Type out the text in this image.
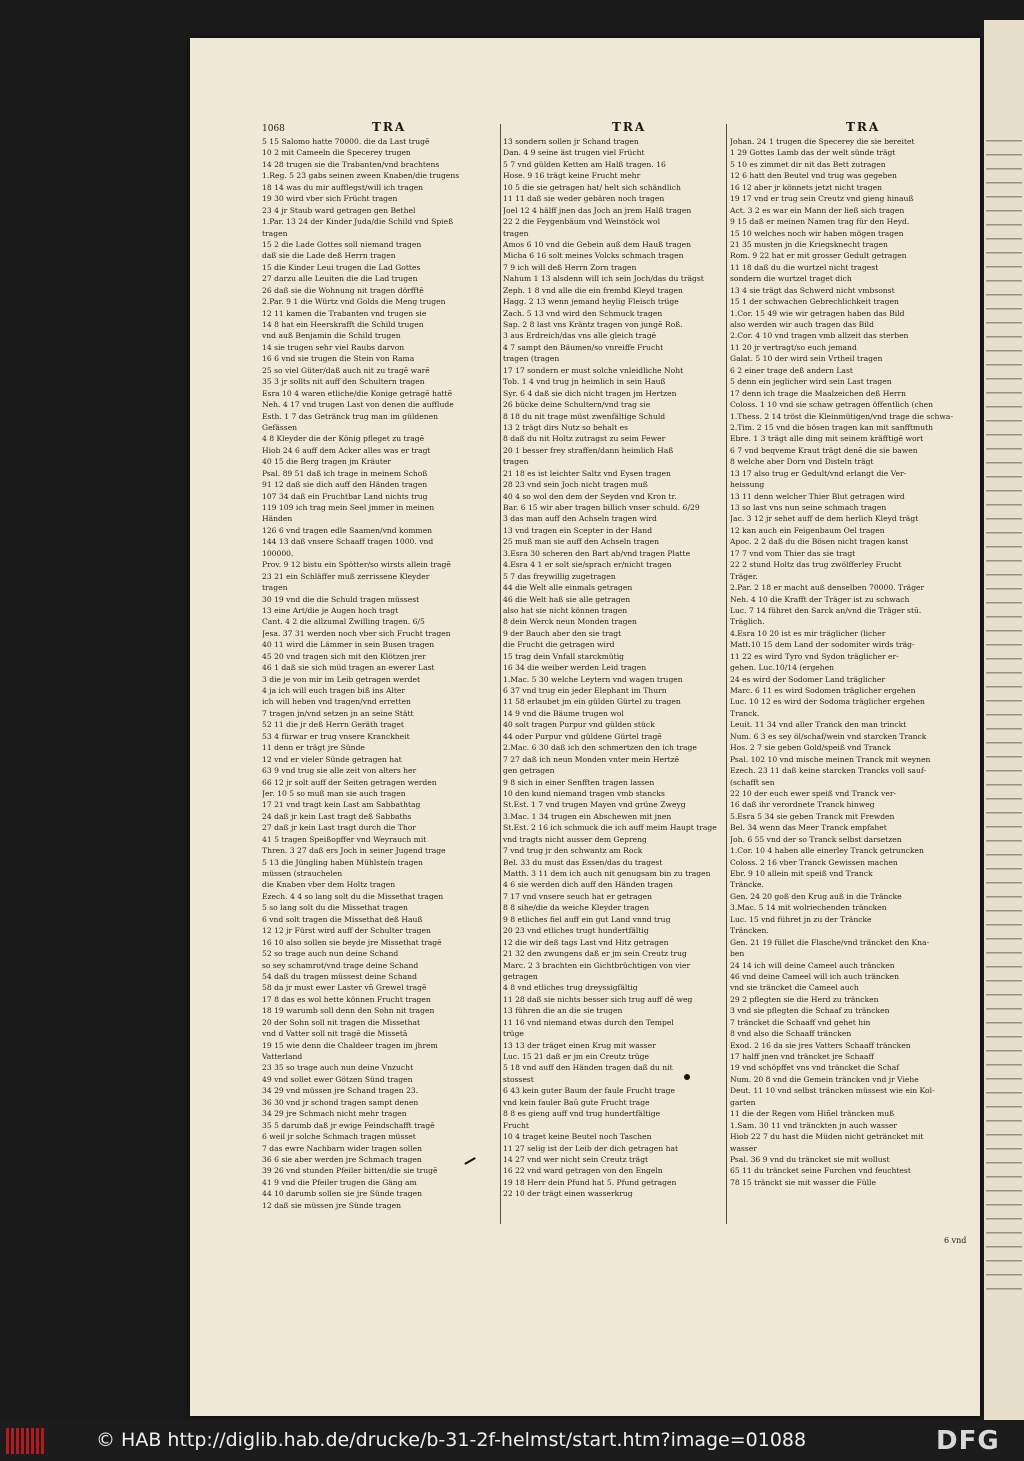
1068	TRA	TRA	TRA
5 15 Salomo hatte 70000. die da Last trugē
10 2 mit Cameeln die Specerey trugen
14 28 trugen sie die Trabanten/vnd brachtens
1.Reg. 5 23 gabs seinen zween Knaben/die trugens
18 14 was du mir aufflegst/will ich tragen
19 30 wird vber sich Frücht tragen
23 4 jr Staub ward getragen gen Bethel
1.Par. 13 24 der Kinder Juda/die Schild vnd Spieß
tragen
15 2 die Lade Gottes soll niemand tragen
daß sie die Lade deß Herrn tragen
15 die Kinder Leui trugen die Lad Gottes
27 darzu alle Leuiten die die Lad trugen
26 daß sie die Wohnung nit tragen dörfftē
2.Par. 9 1 die Würtz vnd Golds die Meng trugen
12 11 kamen die Trabanten vnd trugen sie
14 8 hat ein Heerskrafft die Schild trugen
vnd auß Benjamin die Schild trugen
14 sie trugen sehr viel Raubs darvon
16 6 vnd sie trugen die Stein von Rama
25 so viel Güter/daß auch nit zu tragē warē
35 3 jr sollts nit auff den Schultern tragen
Esra 10 4 waren etliche/die Konige getragē hattē
Neh. 4 17 vnd trugen Last von denen die aufflude
Esth. 1 7 das Getränck trug man im güldenen
Gefässen
4 8 Kleyder die der König pfleget zu tragē
Hiob 24 6 auff dem Acker alles was er tragt
40 15 die Berg tragen jm Kräuter
Psal. 89 51 daß ich trage in meinem Schoß
91 12 daß sie dich auff den Händen tragen
107 34 daß ein Fruchtbar Land nichts trug
119 109 ich trag mein Seel jmmer in meinen
Händen
126 6 vnd tragen edle Saamen/vnd kommen
144 13 daß vnsere Schaaff tragen 1000. vnd
100000.
Prov. 9 12 bistu ein Spötter/so wirsts allein tragē
23 21 ein Schläffer muß zerrissene Kleyder
tragen
30 19 vnd die die Schuld tragen müssest
13 eine Art/die je Augen hoch tragt
Cant. 4 2 die allzumal Zwilling tragen. 6/5
Jesa. 37 31 werden noch vber sich Frucht tragen
40 11 wird die Lämmer in sein Busen tragen
45 20 vnd tragen sich mit den Klötzen jrer
46 1 daß sie sich müd tragen an ewerer Last
3 die je von mir im Leib getragen werdet
4 ja ich will euch tragen biß ins Alter
ich will heben vnd tragen/vnd erretten
7 tragen jn/vnd setzen jn an seine Stätt
52 11 die jr deß Herrn Geräth traget
53 4 fürwar er trug vnsere Kranckheit
11 denn er trägt jre Sünde
12 vnd er vieler Sünde getragen hat
63 9 vnd trug sie alle zeit von alters her
66 12 jr solt auff der Seiten getragen werden
Jer. 10 5 so muß man sie auch tragen
17 21 vnd tragt kein Last am Sabbathtag
24 daß jr kein Last tragt deß Sabbaths
27 daß jr kein Last tragt durch die Thor
41 5 tragen Speißopffer vnd Weyrauch mit
Thren. 3 27 daß ers Joch in seiner Jugend trage
5 13 die Jüngling haben Mühlsteín tragen
müssen (strauchelen
die Knaben vber dem Holtz tragen
Ezech. 4 4 so lang solt du die Missethat tragen
5 so lang solt du die Missethat tragen
6 vnd solt tragen die Missethat deß Hauß
12 12 jr Fürst wird auff der Schulter tragen
16 10 also sollen sie beyde jre Missethat tragē
52 so trage auch nun deine Schand
so sey schamrot/vnd trage deine Schand
54 daß du tragen müssest deine Schand
58 da jr must ewer Laster vñ Grewel tragē
17 8 das es wol hette können Frucht tragen
18 19 warumb soll denn den Sohn nit tragen
20 der Sohn soll nit tragen die Missethat
vnd d Vatter soll nit tragē die Missetā
19 15 wie denn die Chaldeer tragen im jhrem
Vatterland
23 35 so trage auch nun deine Vnzucht
49 vnd sollet ewer Götzen Sünd tragen
34 29 vnd müssen jre Schand tragen 23.
36 30 vnd jr schond tragen sampt denen
34 29 jre Schmach nicht mehr tragen
35 5 darumb daß jr ewige Feindschafft tragē
6 weil jr solche Schmach tragen müsset
7 das ewre Nachbarn wider tragen sollen
36 6 sie aber werden jre Schmach tragen
39 26 vnd stunden Pfeiler bitten/die sie trugē
41 9 vnd die Pfeiler trugen die Gäng am
44 10 darumb sollen sie jre Sünde tragen
12 daß sie müssen jre Sünde tragen
13 sondern sollen jr Schand tragen
Dan. 4 9 seine äst trugen viel Frücht
5 7 vnd gülden Ketten am Halß tragen. 16
Hose. 9 16 trägt keine Frucht mehr
10 5 die sie getragen hat/ helt sich schändlich
11 11 daß sie weder gebären noch tragen
Joel 12 4 hälff jnen das Joch an jrem Halß tragen
22 2 die Feygenbäum vnd Weinstöck wol
tragen
Amos 6 10 vnd die Gebein auß dem Hauß tragen
Micha 6 16 solt meines Volcks schmach tragen
7 9 ich will deß Herrn Zorn tragen
Nahum 1 13 alsdenn will ich sein Joch/das du trägst
Zeph. 1 8 vnd alle die ein frembd Kleyd tragen
Hagg. 2 13 wenn jemand heylig Fleisch trüge
Zach. 5 13 vnd wird den Schmuck tragen
Sap. 2 8 last vns Kräntz tragen von jungē Roß.
3 aus Erdreich/das vns alle gleich tragē
4 7 sampt den Bäumen/so vnreiffe Frucht
tragen (tragen
17 17 sondern er must solche vnleidliche Noht
Tob. 1 4 vnd trug jn heimlich in sein Hauß
Syr. 6 4 daß sie dich nicht tragen jm Hertzen
26 bücke deine Schultern/vnd trag sie
8 18 du nit trage müst zwenfältige Schuld
13 2 trägt dirs Nutz so behalt es
8 daß du nit Holtz zutragst zu seim Fewer
20 1 besser frey straffen/dann heimlich Haß
tragen
21 18 es ist leichter Saltz vnd Eysen tragen
28 23 vnd sein Joch nicht tragen muß
40 4 so wol den dem der Seyden vnd Kron tr.
Bar. 6 15 wir aber tragen billich vnser schuld. 6/29
3 das man auff den Achseln tragen wird
13 vnd tragen ein Scepter in der Hand
25 muß man sie auff den Achseln tragen
3.Esra 30 scheren den Bart ab/vnd tragen Platte
4.Esra 4 1 er solt sie/sprach er/nicht tragen
5 7 das freywillig zugetragen
44 die Welt alle einmals getragen
46 die Welt haß sie alle getragen
also hat sie nicht können tragen
8 dein Werck neun Monden tragen
9 der Bauch aber den sie tragt
die Frucht die getragen wird
15 trag dein Vnfall starckmütig
16 34 die weiber werden Leid tragen
1.Mac. 5 30 welche Leytern vnd wagen trugen
6 37 vnd trug ein jeder Elephant im Thurn
11 58 erlaubet jm ein gülden Gürtel zu tragen
14 9 vnd die Bäume trugen wol
40 solt tragen Purpur vnd gülden stück
44 oder Purpur vnd güldene Gürtel tragē
2.Mac. 6 30 daß ich den schmertzen den ich trage
7 27 daß ich neun Monden vnter mein Hertzē
gen getragen
9 8 sich in einer Senfften tragen lassen
10 den kund niemand tragen vmb stancks
St.Est. 1 7 vnd trugen Mayen vnd grüne Zweyg
3.Mac. 1 34 trugen ein Abschewen mit jnen
St.Est. 2 16 ich schmuck die ich auff meim Haupt trage
vnd tragts nicht ausser dem Gepreng
7 vnd trug jr den schwantz am Rock
Bel. 33 du must das Essen/das du tragest
Matth. 3 11 dem ich auch nit genugsam bin zu tragen
4 6 sie werden dich auff den Händen tragen
7 17 vnd vnsere seuch hat er getragen
8 8 sihe/die da weiche Kleyder tragen
9 8 etliches fiel auff ein gut Land vnnd trug
20 23 vnd etliches trugt hundertfältig
12 die wir deß tags Last vnd Hitz getragen
21 32 den zwungens daß er jm sein Creutz trug
Marc. 2 3 brachten ein Gichtbrüchtigen von vier
getragen
4 8 vnd etliches trug dreyssigfältig
11 28 daß sie nichts besser sich trug auff dē weg
13 führen die an die sie trugen
11 16 vnd niemand etwas durch den Tempel
trüge
13 13 der träget einen Krug mit wasser
Luc. 15 21 daß er jm ein Creutz trüge
5 18 vnd auff den Händen tragen daß du nit
stossest
6 43 kein guter Baum der faule Frucht trage
vnd kein fauler Baū gute Frucht trage
8 8 es gieng auff vnd trug hundertfältige
Frucht
10 4 traget keine Beutel noch Taschen
11 27 selig ist der Leib der dich getragen hat
14 27 vnd wer nicht sein Creutz trägt
16 22 vnd ward getragen von den Engeln
19 18 Herr dein Pfund hat 5. Pfund getragen
22 10 der trägt einen wasserkrug
Johan. 24 1 trugen die Specerey die sie bereitet
1 29 Gottes Lamb das der welt sünde trägt
5 10 es zimmet dir nit das Bett zutragen
12 6 hatt den Beutel vnd trug was gegeben
16 12 aber jr könnets jetzt nicht tragen
19 17 vnd er trug sein Creutz vnd gieng hinauß
Act. 3 2 es war ein Mann der ließ sich tragen
9 15 daß er meinen Namen trag für den Heyd.
15 10 welches noch wir haben mögen tragen
21 35 musten jn die Kriegsknecht tragen
Rom. 9 22 hat er mit grosser Gedult getragen
11 18 daß du die wurtzel nicht tragest
sondern die wurtzel traget dich
13 4 sie trägt das Schwerd nicht vmbsonst
15 1 der schwachen Gebrechlichkeit tragen
1.Cor. 15 49 wie wir getragen haben das Bild
also werden wir auch tragen das Bild
2.Cor. 4 10 vnd tragen vmb allzeit das sterben
11 20 jr vertragt/so euch jemand
Galat. 5 10 der wird sein Vrtheil tragen
6 2 einer trage deß andern Last
5 denn ein jeglicher wird sein Last tragen
17 denn ich trage die Maalzeichen deß Herrn
Coloss. 1 10 vnd sie schaw getragen öffentlich (chen
1.Thess. 2 14 tröst die Kleinmütigen/vnd trage die schwa-
2.Tim. 2 15 vnd die bösen tragen kan mit sanfftmuth
Ebre. 1 3 trägt alle ding mit seinem kräfftigē wort
6 7 vnd beqveme Kraut trägt denē die sie bawen
8 welche aber Dorn vnd Disteln trägt
13 17 also trug er Gedult/vnd erlangt die Ver-
heissung
13 11 denn welcher Thier Blut getragen wird
13 so last vns nun seine schmach tragen
Jac. 3 12 jr sehet auff de dem herlich Kleyd trägt
12 kan auch ein Feigenbaum Oel tragen
Apoc. 2 2 daß du die Bösen nicht tragen kanst
17 7 vnd vom Thier das sie tragt
22 2 stund Holtz das trug zwölfferley Frucht
Träger.
2.Par. 2 18 er macht auß denselben 70000. Träger
Neh. 4 10 die Krafft der Träger ist zu schwach
Luc. 7 14 führet den Sarck an/vnd die Träger stū.
Träglich.
4.Esra 10 20 ist es mir träglicher (licher
Matt.10 15 dem Land der sodomiter wirds träg-
11 22 es wird Tyro vnd Sydon träglicher er-
gehen. Luc.10/14 (ergehen
24 es wird der Sodomer Land träglicher
Marc. 6 11 es wird Sodomen träglicher ergehen
Luc. 10 12 es wird der Sodoma träglicher ergehen
Tranck.
Leuit. 11 34 vnd aller Tranck den man trinckt
Num. 6 3 es sey öl/schaf/wein vnd starcken Tranck
Hos. 2 7 sie geben Gold/speiß vnd Tranck
Psal. 102 10 vnd mische meinen Tranck mit weynen
Ezech. 23 11 daß keine starcken Trancks voll sauf-
(schafft sen
22 10 der euch ewer speiß vnd Tranck ver-
16 daß ihr verordnete Tranck hinweg
5.Esra 5 34 sie geben Tranck mit Frewden
Bel. 34 wenn das Meer Tranck empfahet
Joh. 6 55 vnd der so Tranck selbst darsetzen
1.Cor. 10 4 haben alle einerley Tranck getruncken
Coloss. 2 16 vber Tranck Gewissen machen
Ebr. 9 10 allein mit speiß vnd Tranck
Träncke.
Gen. 24 20 goß den Krug auß in die Träncke
3.Mac. 5 14 mit wolriechenden träncken
Luc. 15 vnd führet jn zu der Träncke
Träncken.
Gen. 21 19 füllet die Flasche/vnd träncket den Kna-
ben
24 14 ich will deine Cameel auch träncken
46 vnd deine Cameel will ich auch träncken
vnd sie träncket die Cameel auch
29 2 pflegten sie die Herd zu träncken
3 vnd sie pflegten die Schaaf zu träncken
7 träncket die Schaaff vnd gehet hin
8 vnd also die Schaaff träncken
Exod. 2 16 da sie jres Vatters Schaaff träncken
17 halff jnen vnd träncket jre Schaaff
19 vnd schöpffet vns vnd träncket die Schaf
Num. 20 8 vnd die Gemein träncken vnd jr Viehe
Deut. 11 10 vnd selbst träncken müssest wie ein Kol-
garten
11 die der Regen vom Hiñel träncken muß
1.Sam. 30 11 vnd tränckten jn auch wasser
Hiob 22 7 du hast die Müden nicht geträncket mit
wasser
Psal. 36 9 vnd du träncket sie mit wollust
65 11 du träncket seine Furchen vnd feuchtest
78 15 tränckt sie mit wasser die Fülle
6 vnd
© HAB http://diglib.hab.de/drucke/b-31-2f-helmst/start.htm?image=01088	DFG
